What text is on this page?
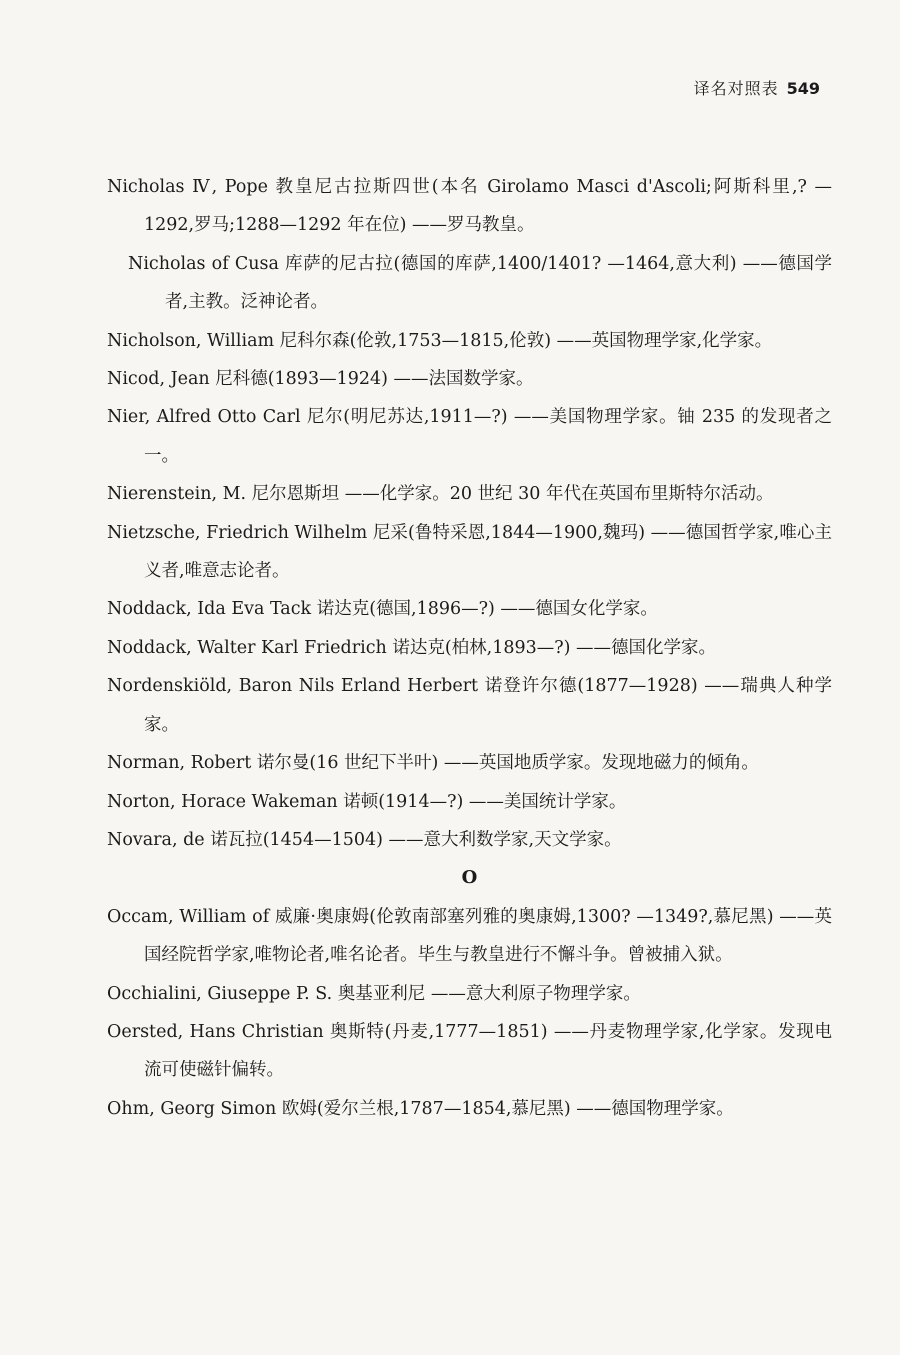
译名对照表 549

Nicholas Ⅳ, Pope 教皇尼古拉斯四世(本名 Girolamo Masci d'Ascoli;阿斯科里,? —1292,罗马;1288—1292 年在位) ——罗马教皇。

Nicholas of Cusa 库萨的尼古拉(德国的库萨,1400/1401? —1464,意大利) ——德国学者,主教。泛神论者。

Nicholson, William 尼科尔森(伦敦,1753—1815,伦敦) ——英国物理学家,化学家。

Nicod, Jean 尼科德(1893—1924) ——法国数学家。

Nier, Alfred Otto Carl 尼尔(明尼苏达,1911—?) ——美国物理学家。铀 235 的发现者之一。

Nierenstein, M. 尼尔恩斯坦 ——化学家。20 世纪 30 年代在英国布里斯特尔活动。

Nietzsche, Friedrich Wilhelm 尼采(鲁特采恩,1844—1900,魏玛) ——德国哲学家,唯心主义者,唯意志论者。

Noddack, Ida Eva Tack 诺达克(德国,1896—?) ——德国女化学家。

Noddack, Walter Karl Friedrich 诺达克(柏林,1893—?) ——德国化学家。

Nordenskiöld, Baron Nils Erland Herbert 诺登许尔德(1877—1928) ——瑞典人种学家。

Norman, Robert 诺尔曼(16 世纪下半叶) ——英国地质学家。发现地磁力的倾角。

Norton, Horace Wakeman 诺顿(1914—?) ——美国统计学家。

Novara, de 诺瓦拉(1454—1504) ——意大利数学家,天文学家。

O

Occam, William of 威廉·奥康姆(伦敦南部塞列雅的奥康姆,1300? —1349?,慕尼黑) ——英国经院哲学家,唯物论者,唯名论者。毕生与教皇进行不懈斗争。曾被捕入狱。

Occhialini, Giuseppe P. S. 奥基亚利尼 ——意大利原子物理学家。

Oersted, Hans Christian 奥斯特(丹麦,1777—1851) ——丹麦物理学家,化学家。发现电流可使磁针偏转。

Ohm, Georg Simon 欧姆(爱尔兰根,1787—1854,慕尼黑) ——德国物理学家。
